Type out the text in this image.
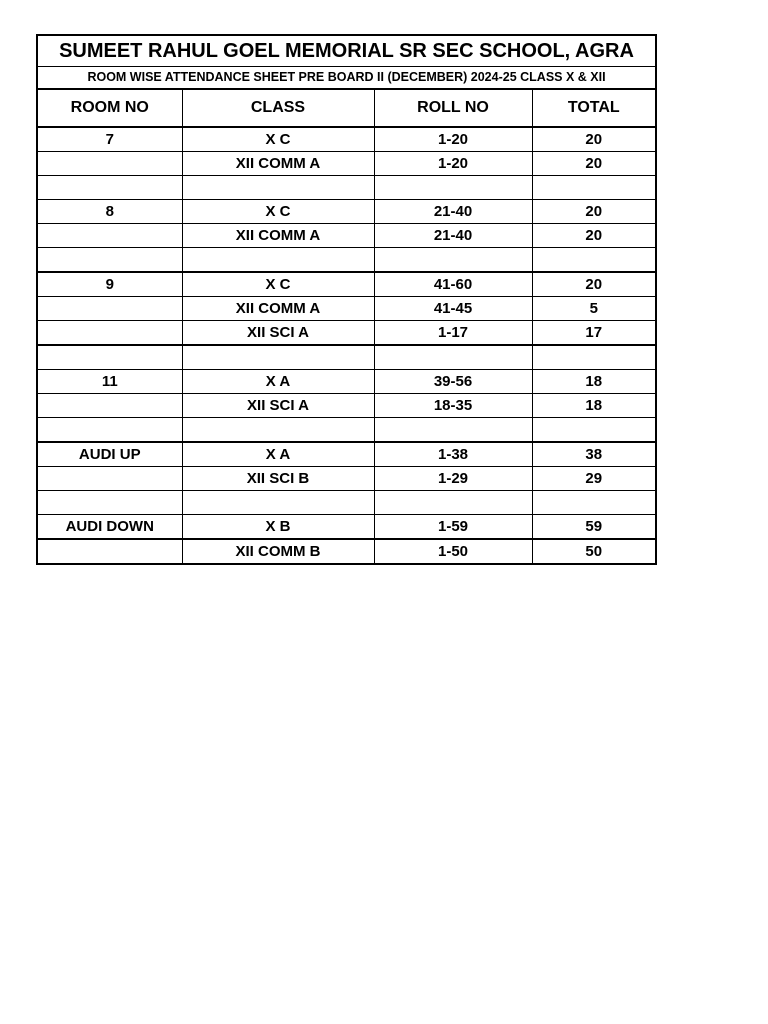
SUMEET RAHUL GOEL MEMORIAL SR SEC SCHOOL, AGRA
ROOM WISE ATTENDANCE SHEET PRE BOARD II (DECEMBER) 2024-25 CLASS X & XII
ROOM NO	CLASS	ROLL NO	TOTAL
7	X C	1-20	20
	XII COMM A	1-20	20

8	X C	21-40	20
	XII COMM A	21-40	20

9	X C	41-60	20
	XII COMM A	41-45	5
	XII SCI A	1-17	17

11	X A	39-56	18
	XII SCI A	18-35	18

AUDI UP	X A	1-38	38
	XII SCI B	1-29	29

AUDI DOWN	X B	1-59	59
	XII COMM B	1-50	50
